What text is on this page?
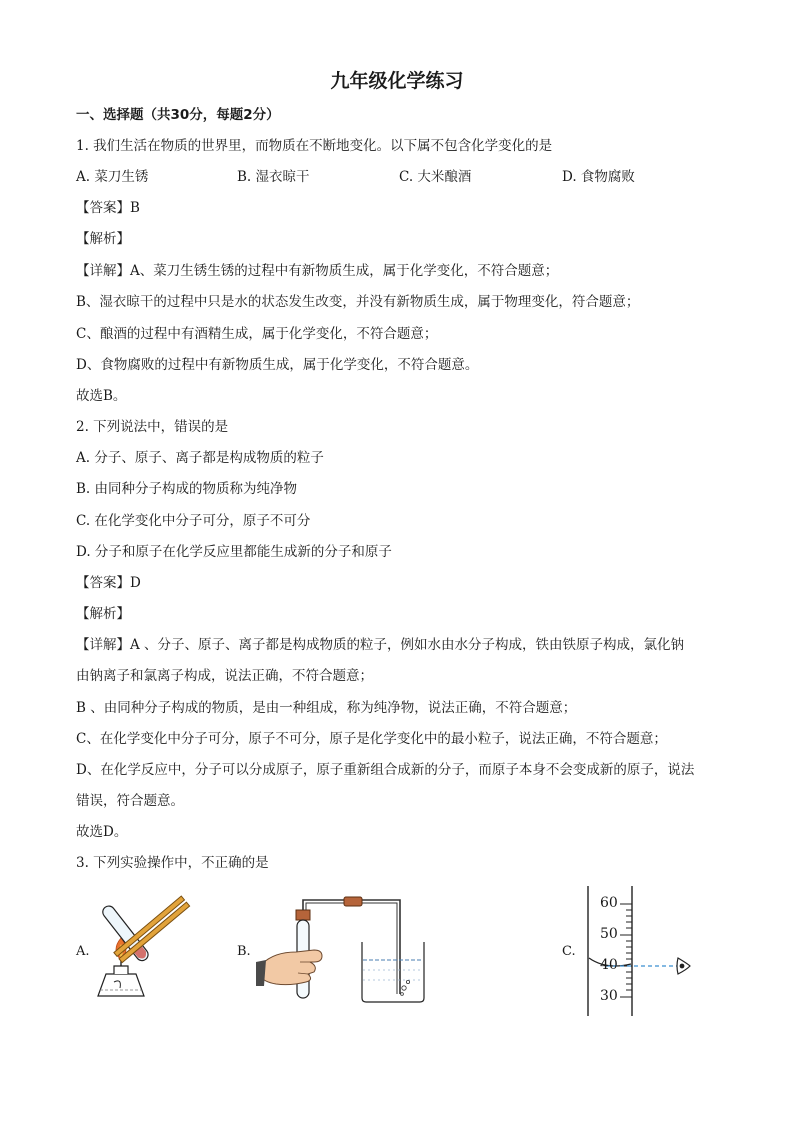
九年级化学练习
一、选择题（共30分，每题2分）
1. 我们生活在物质的世界里，而物质在不断地变化。以下属不包含化学变化的是
A. 菜刀生锈	B. 湿衣晾干	C. 大米酿酒	D. 食物腐败
【答案】B
【解析】
【详解】A、菜刀生锈生锈的过程中有新物质生成，属于化学变化，不符合题意；
B、湿衣晾干的过程中只是水的状态发生改变，并没有新物质生成，属于物理变化，符合题意；
C、酿酒的过程中有酒精生成，属于化学变化，不符合题意；
D、食物腐败的过程中有新物质生成，属于化学变化，不符合题意。
故选B。
2. 下列说法中，错误的是
A. 分子、原子、离子都是构成物质的粒子
B. 由同种分子构成的物质称为纯净物
C. 在化学变化中分子可分，原子不可分
D. 分子和原子在化学反应里都能生成新的分子和原子
【答案】D
【解析】
【详解】A 、分子、原子、离子都是构成物质的粒子，例如水由水分子构成，铁由铁原子构成，氯化钠
由钠离子和氯离子构成，说法正确，不符合题意；
B 、由同种分子构成的物质，是由一种组成，称为纯净物，说法正确，不符合题意；
C、在化学变化中分子可分，原子不可分，原子是化学变化中的最小粒子，说法正确，不符合题意；
D、在化学反应中，分子可以分成原子，原子重新组合成新的分子，而原子本身不会变成新的原子，说法
错误，符合题意。
故选D。
3. 下列实验操作中，不正确的是
A.	B.	C.
60
50
40
30
